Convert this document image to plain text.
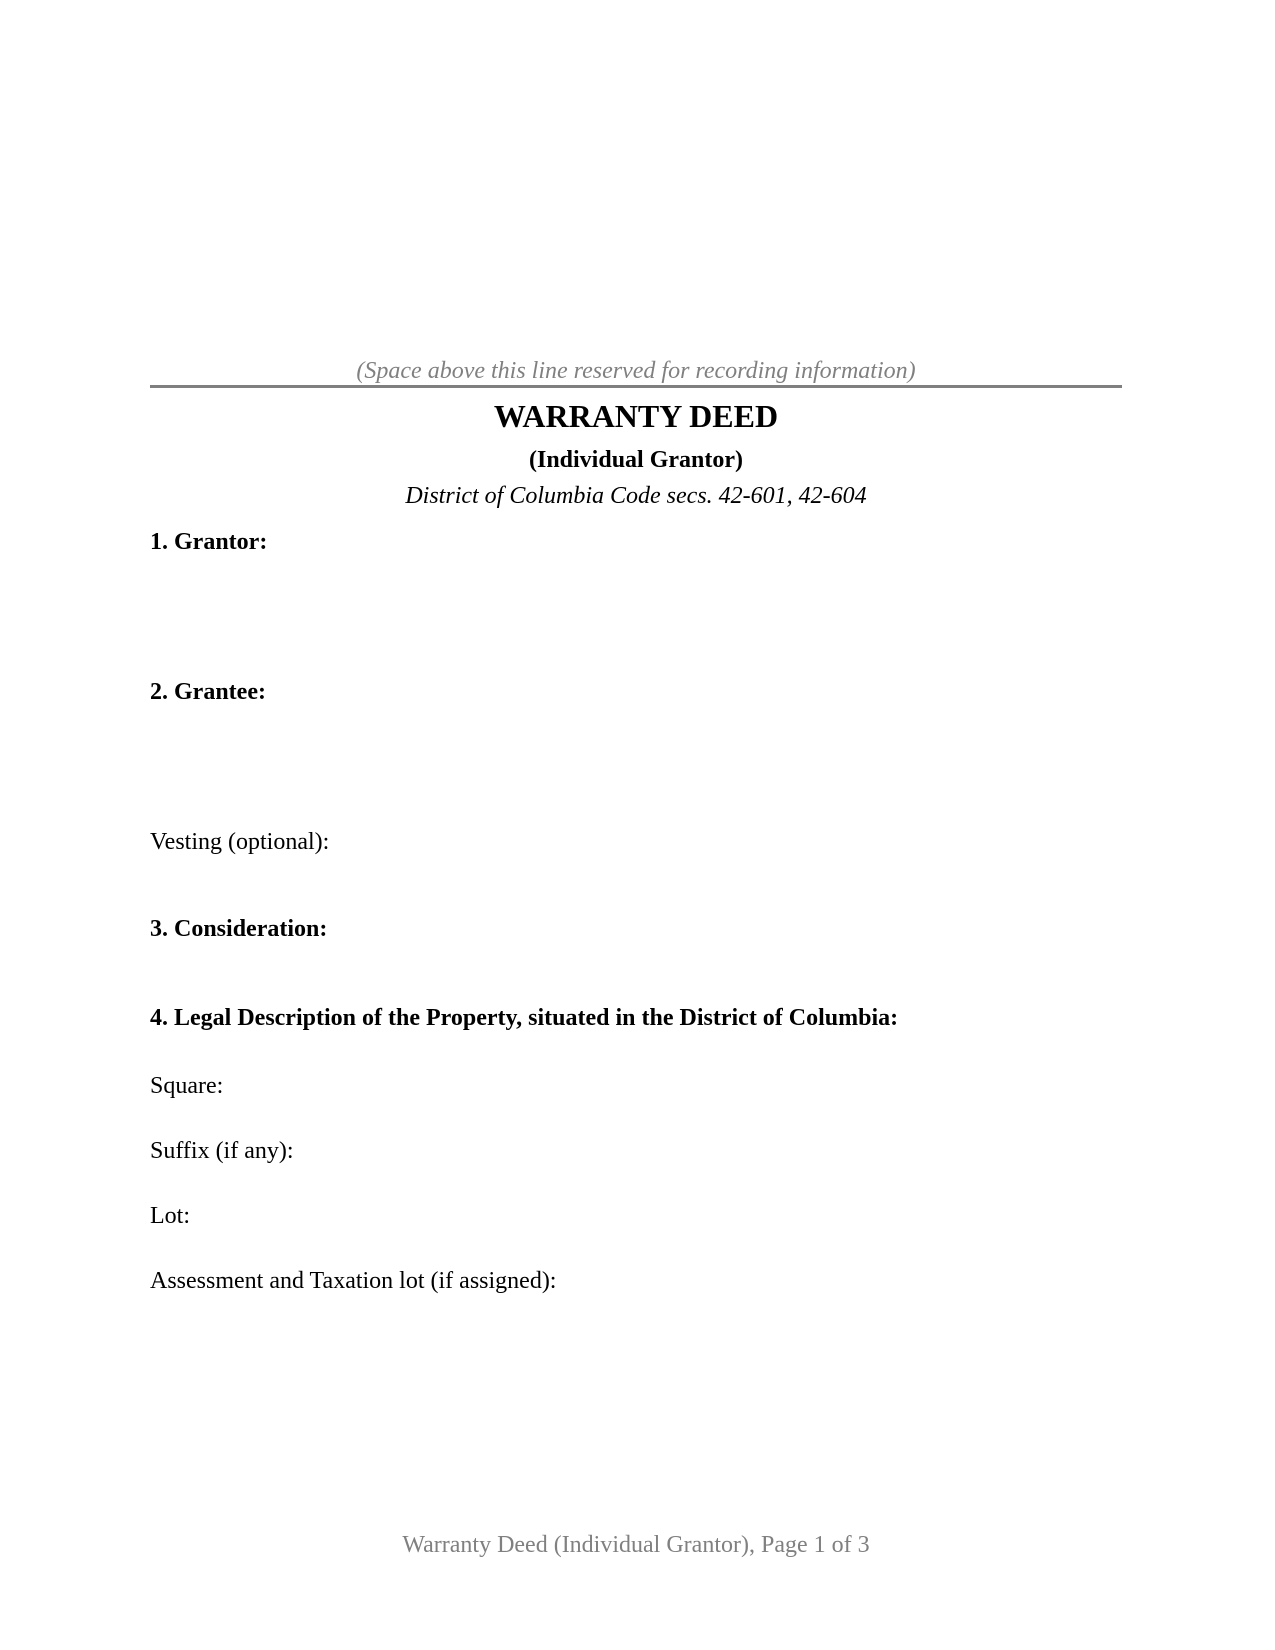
(Space above this line reserved for recording information)
WARRANTY DEED
(Individual Grantor)
District of Columbia Code secs. 42-601, 42-604
1. Grantor:
2. Grantee:
Vesting (optional):
3. Consideration:
4. Legal Description of the Property, situated in the District of Columbia:
Square:
Suffix (if any):
Lot:
Assessment and Taxation lot (if assigned):
Warranty Deed (Individual Grantor), Page 1 of 3
